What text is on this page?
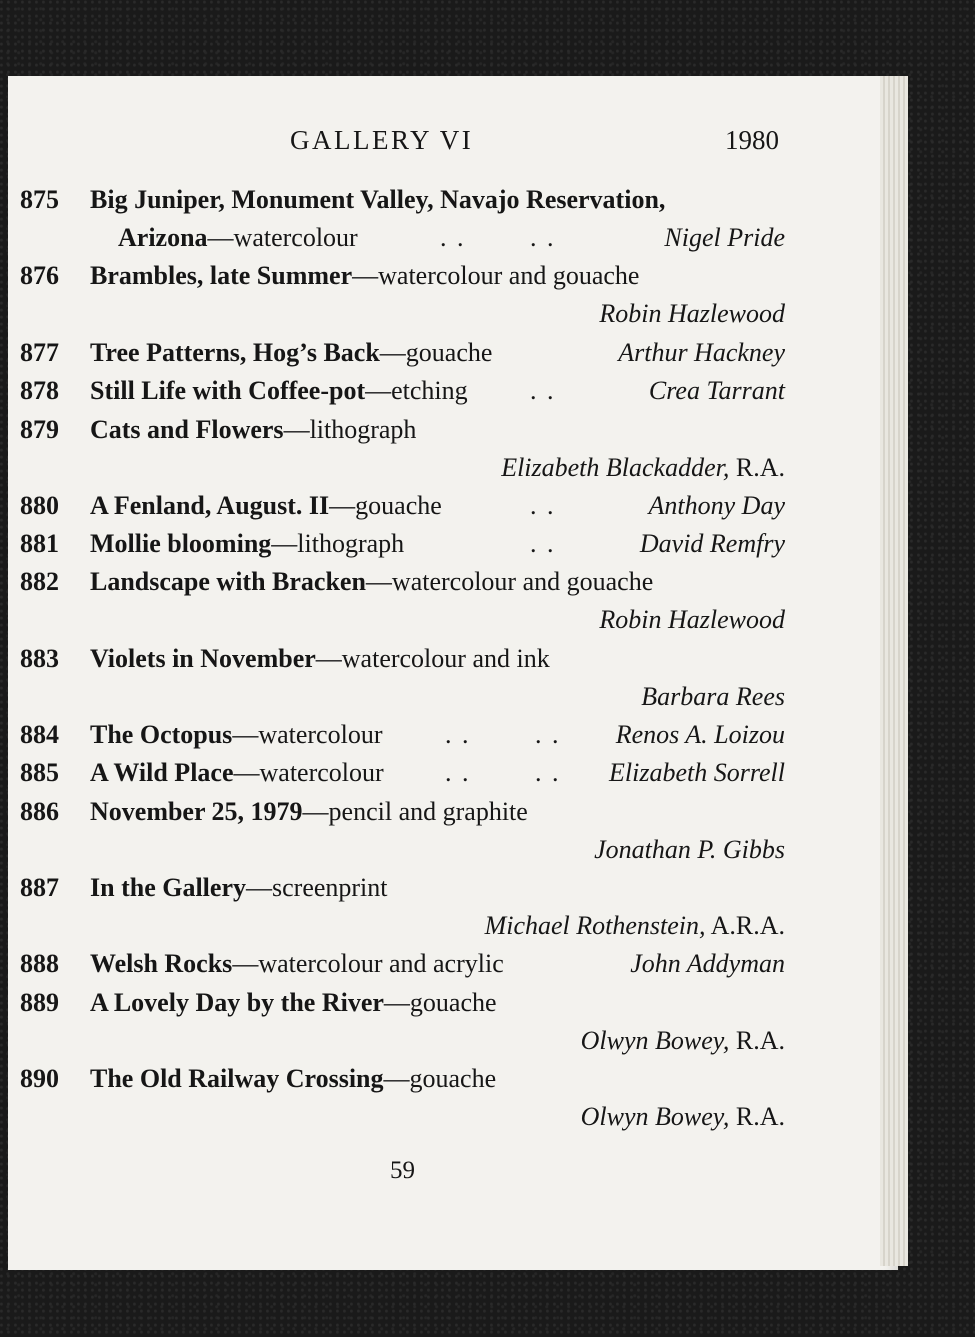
GALLERY VI	1980
875 Big Juniper, Monument Valley, Navajo Reservation,
Arizona—watercolour	. . . .	Nigel Pride
876 Brambles, late Summer—watercolour and gouache
Robin Hazlewood
877 Tree Patterns, Hog’s Back—gouache	Arthur Hackney
878 Still Life with Coffee-pot—etching . .	Crea Tarrant
879 Cats and Flowers—lithograph
Elizabeth Blackadder, R.A.
880 A Fenland, August. II—gouache	. .	Anthony Day
881 Mollie blooming—lithograph	. .	David Remfry
882 Landscape with Bracken—watercolour and gouache
Robin Hazlewood
883 Violets in November—watercolour and ink
Barbara Rees
884 The Octopus—watercolour . . . . Renos A. Loizou
885 A Wild Place—watercolour . . . . Elizabeth Sorrell
886 November 25, 1979—pencil and graphite
Jonathan P. Gibbs
887 In the Gallery—screenprint
Michael Rothenstein, A.R.A.
888 Welsh Rocks—watercolour and acrylic	John Addyman
889 A Lovely Day by the River—gouache
Olwyn Bowey, R.A.
890 The Old Railway Crossing—gouache
Olwyn Bowey, R.A.
59
